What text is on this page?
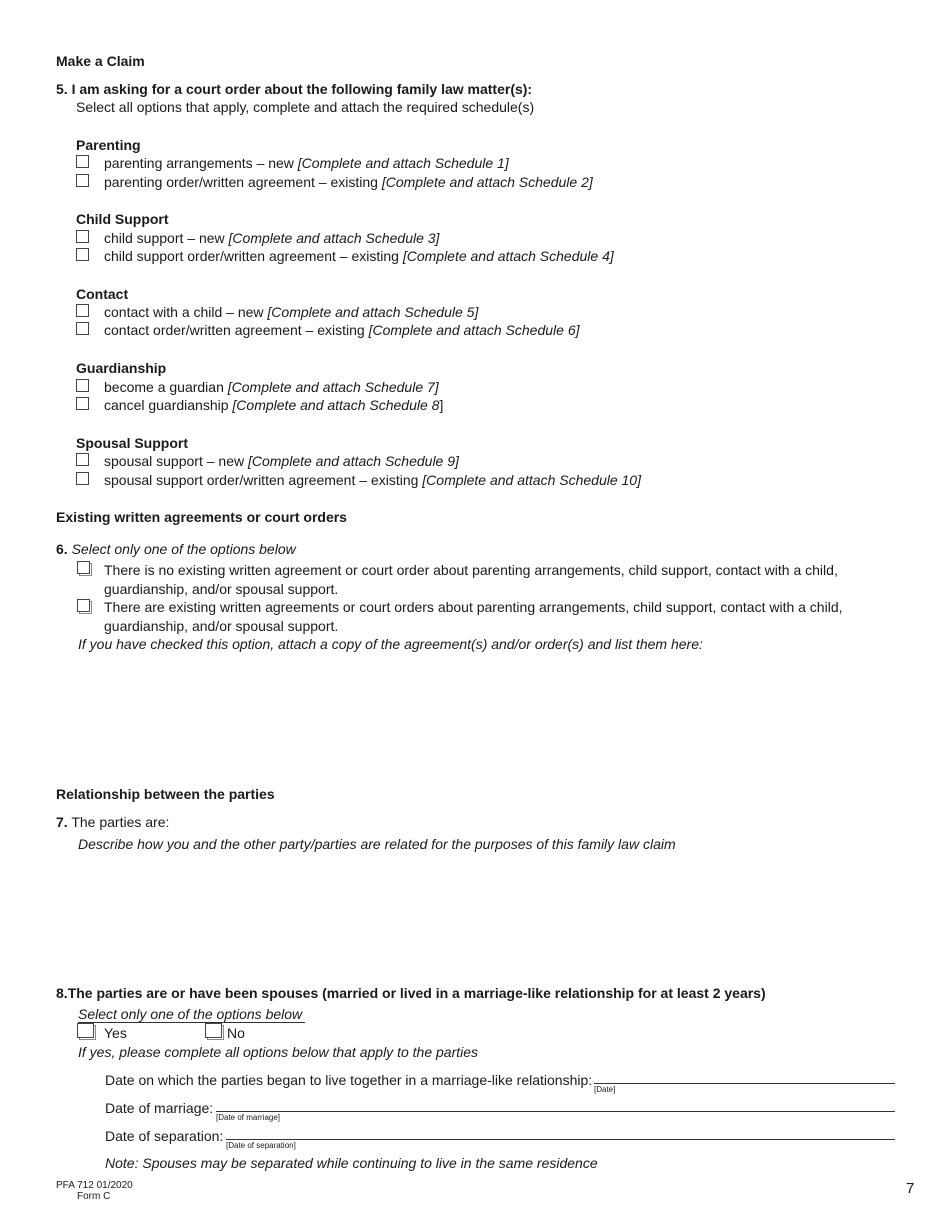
Make a Claim
5. I am asking for a court order about the following family law matter(s):
Select all options that apply, complete and attach the required schedule(s)
Parenting
parenting arrangements – new [Complete and attach Schedule 1]
parenting order/written agreement – existing [Complete and attach Schedule 2]
Child Support
child support – new [Complete and attach Schedule 3]
child support order/written agreement – existing [Complete and attach Schedule 4]
Contact
contact with a child – new [Complete and attach Schedule 5]
contact order/written agreement – existing [Complete and attach Schedule 6]
Guardianship
become a guardian [Complete and attach Schedule 7]
cancel guardianship [Complete and attach Schedule 8]
Spousal Support
spousal support – new [Complete and attach Schedule 9]
spousal support order/written agreement – existing [Complete and attach Schedule 10]
Existing written agreements or court orders
6. Select only one of the options below
There is no existing written agreement or court order about parenting arrangements, child support, contact with a child,
guardianship, and/or spousal support.
There are existing written agreements or court orders about parenting arrangements, child support, contact with a child,
guardianship, and/or spousal support.
If you have checked this option, attach a copy of the agreement(s) and/or order(s) and list them here:
Relationship between the parties
7. The parties are:
Describe how you and the other party/parties are related for the purposes of this family law claim
8.The parties are or have been spouses (married or lived in a marriage-like relationship for at least 2 years)
Select only one of the options below
Yes	No
If yes, please complete all options below that apply to the parties
Date on which the parties began to live together in a marriage-like relationship:
[Date]
Date of marriage:
[Date of marriage]
Date of separation:
[Date of separation]
Note: Spouses may be separated while continuing to live in the same residence
PFA 712 01/2020
Form C	7
